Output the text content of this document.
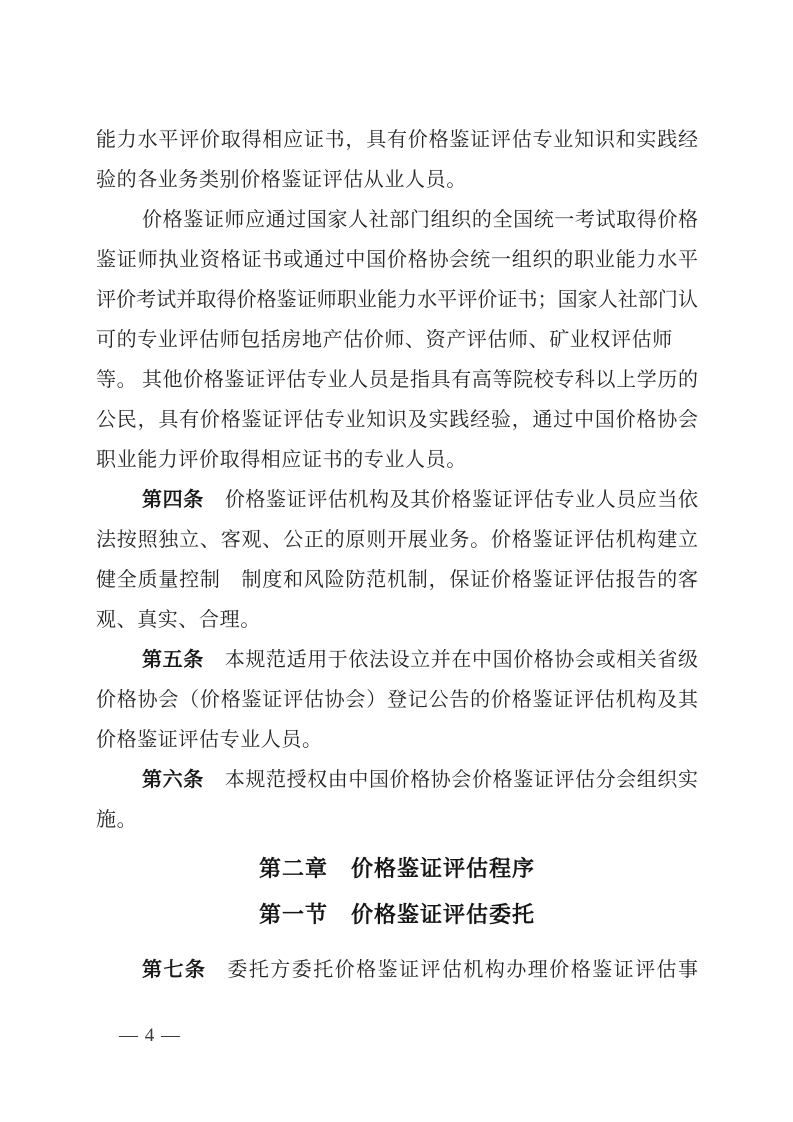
能力水平评价取得相应证书，具有价格鉴证评估专业知识和实践经
验的各业务类别价格鉴证评估从业人员。
价格鉴证师应通过国家人社部门组织的全国统一考试取得价格
鉴证师执业资格证书或通过中国价格协会统一组织的职业能力水平
评价考试并取得价格鉴证师职业能力水平评价证书；国家人社部门认
可的专业评估师包括房地产估价师、资产评估师、矿业权评估师等。 其他价格鉴证评估专业人员是指具有高等院校专科以上学历的
公民，具有价格鉴证评估专业知识及实践经验，通过中国价格协会
职业能力评价取得相应证书的专业人员。
第四条 价格鉴证评估机构及其价格鉴证评估专业人员应当依
法按照独立、客观、公正的原则开展业务。价格鉴证评估机构建立
健全质量控制　制度和风险防范机制，保证价格鉴证评估报告的客
观、真实、合理。
第五条 本规范适用于依法设立并在中国价格协会或相关省级
价格协会（价格鉴证评估协会）登记公告的价格鉴证评估机构及其
价格鉴证评估专业人员。
第六条 本规范授权由中国价格协会价格鉴证评估分会组织实
施。
第二章　价格鉴证评估程序
第一节　价格鉴证评估委托
第七条 委托方委托价格鉴证评估机构办理价格鉴证评估事
— 4 —
